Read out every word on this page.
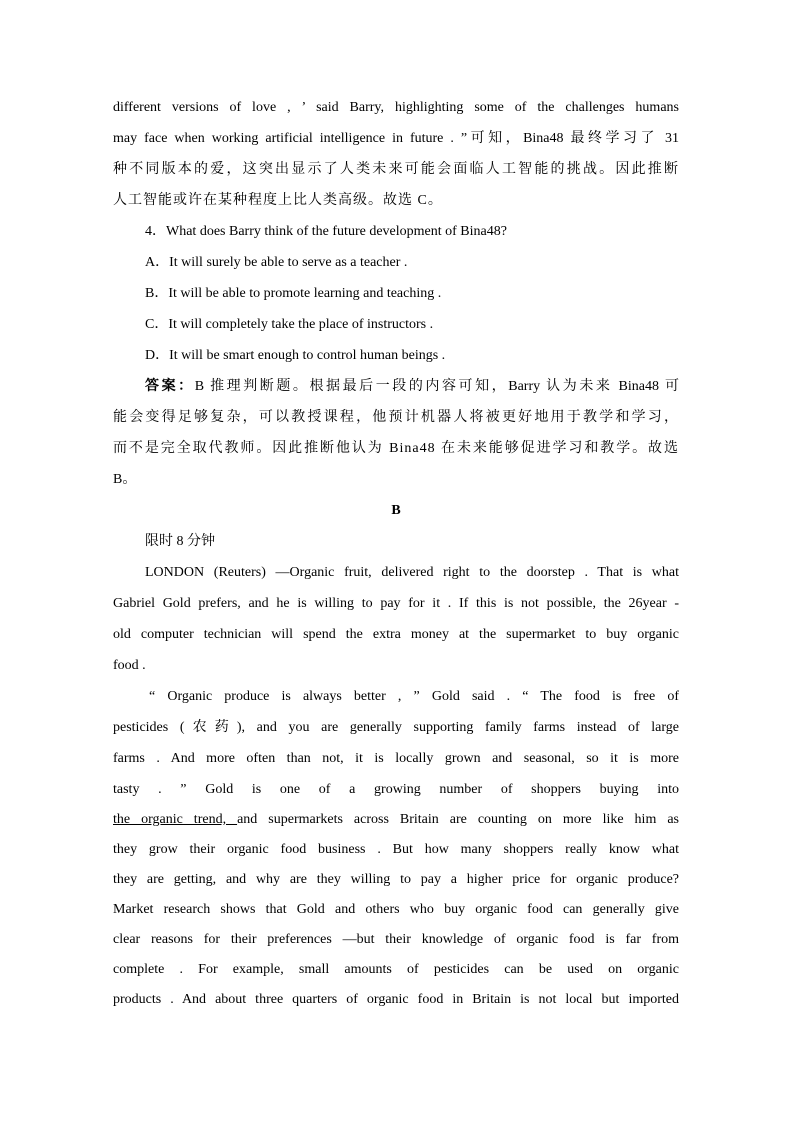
different versions of love , ’ said Barry, highlighting some of the challenges humans
may face when working artificial intelligence in future . ”可知，Bina48 最终学习了 31
种不同版本的爱，这突出显示了人类未来可能会面临人工智能的挑战。因此推断
人工智能或许在某种程度上比人类高级。故选 C。
4．What does Barry think of the future development of Bina48?
A．It will surely be able to serve as a teacher .
B．It will be able to promote learning and teaching .
C．It will completely take the place of instructors .
D．It will be smart enough to control human beings .
答案：B 推理判断题。根据最后一段的内容可知，Barry 认为未来 Bina48 可
能会变得足够复杂，可以教授课程，他预计机器人将被更好地用于教学和学习，
而不是完全取代教师。因此推断他认为 Bina48 在未来能够促进学习和教学。故选
B。
B
限时 8 分钟
LONDON (Reuters) —Organic fruit, delivered right to the doorstep . That is what
Gabriel Gold prefers, and he is willing to pay for it . If this is not possible, the 26year -
old computer technician will spend the extra money at the supermarket to buy organic
food .
“ Organic produce is always better , ” Gold said . “ The food is free of
pesticides (农药), and you are generally supporting family farms instead of large
farms . And more often than not, it is locally grown and seasonal, so it is more
tasty . ” Gold is one of a growing number of shoppers buying into
the organic trend, and supermarkets across Britain are counting on more like him as
they grow their organic food business . But how many shoppers really know what
they are getting, and why are they willing to pay a higher price for organic produce?
Market research shows that Gold and others who buy organic food can generally give
clear reasons for their preferences —but their knowledge of organic food is far from
complete . For example, small amounts of pesticides can be used on organic
products . And about three quarters of organic food in Britain is not local but imported
